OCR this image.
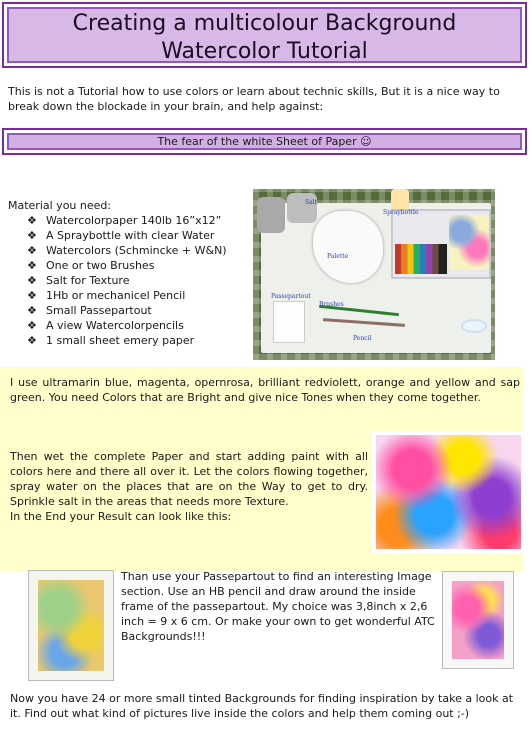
Creating a multicolour Background
Watercolor Tutorial

This is not a Tutorial how to use colors or learn about technic skills, But it is a nice way to break down the blockade in your brain, and help against:

The fear of the white Sheet of Paper ☺
Material you need:
❖ Watercolorpaper 140lb 16”x12”
❖ A Spraybottle with clear Water
❖ Watercolors (Schmincke + W&N)
❖ One or two Brushes
❖ Salt for Texture
❖ 1Hb or mechanicel Pencil
❖ Small Passepartout
❖ A view Watercolorpencils
❖ 1 small sheet emery paper
Salt
Spraybottle
Palette
Passepartout
Brushes
Pencil

I use ultramarin blue, magenta, opernrosa, brilliant redviolett, orange and yellow and sap green. You need Colors that are Bright and give nice Tones when they come together.

Then wet the complete Paper and start adding paint with all colors here and there all over it. Let the colors flowing together, spray water on the places that are on the Way to get to dry. Sprinkle salt in the areas that needs more Texture.
In the End your Result can look like this:

Than use your Passepartout to find an interesting Image section. Use an HB pencil and draw around the inside frame of the passepartout. My choice was 3,8inch x 2,6 inch = 9 x 6 cm. Or make your own to get wonderful ATC Backgrounds!!!

Now you have 24 or more small tinted Backgrounds for finding inspiration by take a look at it. Find out what kind of pictures live inside the colors and help them coming out ;-)
